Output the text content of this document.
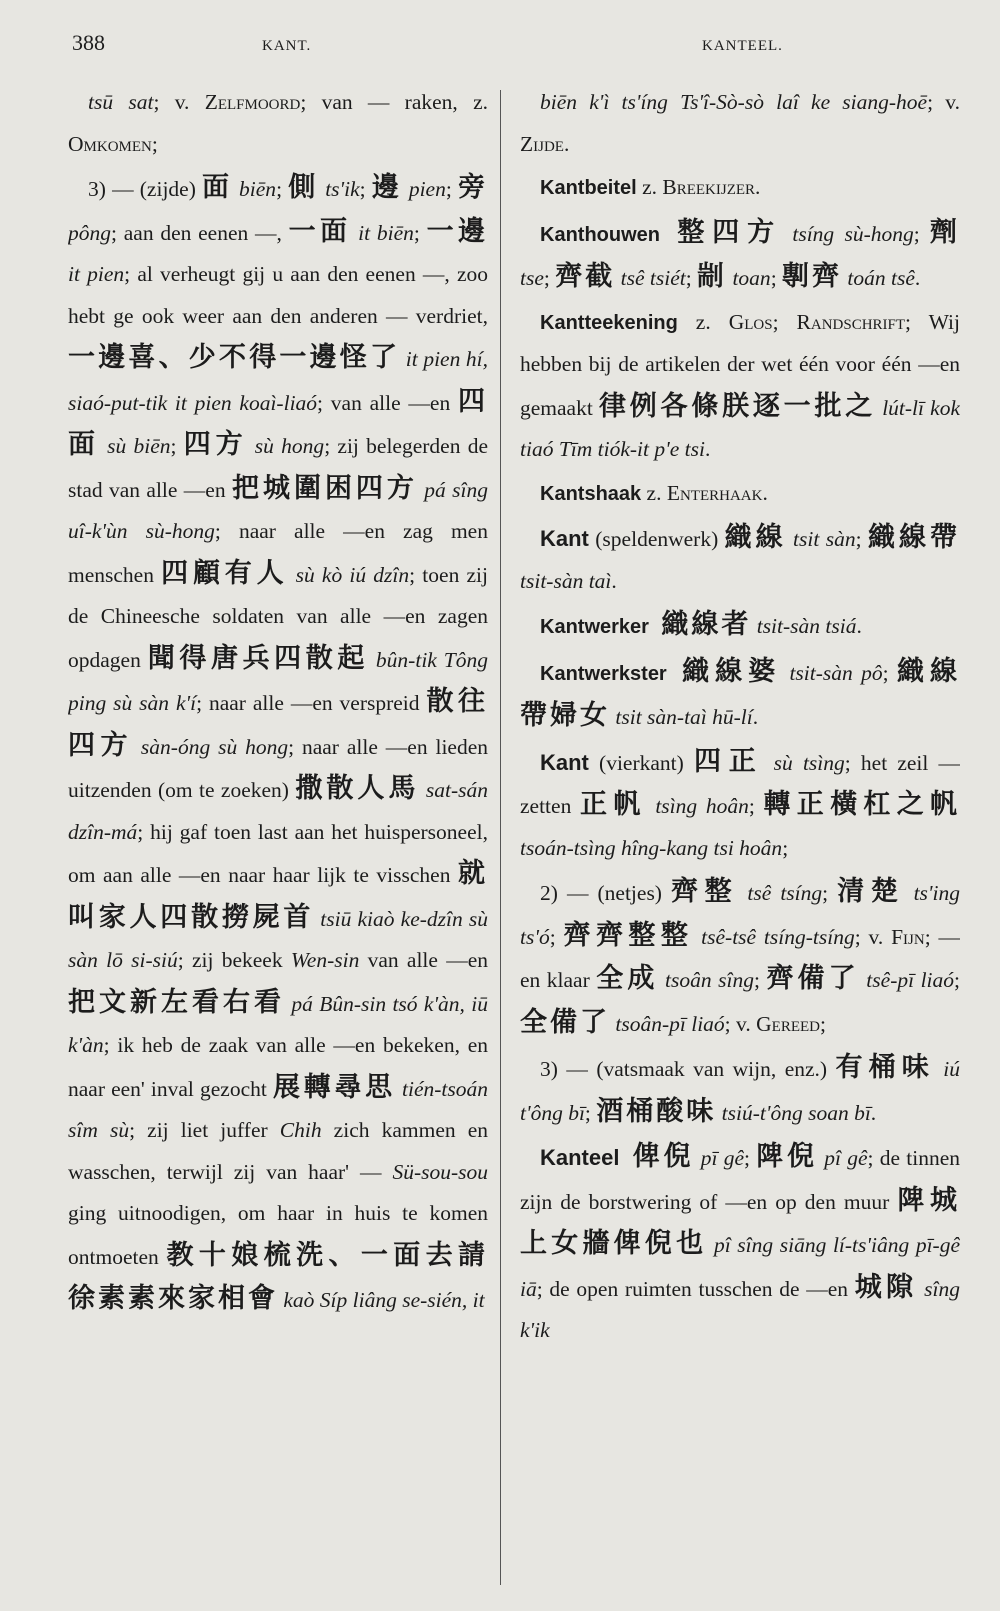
388	KANT.	KANTEEL.

tsū sat; v. Zelfmoord; van — raken, z. Omkomen;

3) — (zijde) 面 biēn; 側 ts'ik; 邊 pien; 旁 pông; aan den eenen —, 一面 it biēn; 一邊 it pien; al verheugt gij u aan den eenen —, zoo hebt ge ook weer aan den anderen — verdriet, 一邊喜、少不得一邊怪了 it pien hí, siaó-put-tik it pien koaì-liaó; van alle —en 四面 sù biēn; 四方 sù hong; zij belegerden de stad van alle —en 把城圍困四方 pá sîng uî-k'ùn sù-hong; naar alle —en zag men menschen 四顧有人 sù kò iú dzîn; toen zij de Chineesche soldaten van alle —en zagen opdagen 聞得唐兵四散起 bûn-tik Tông ping sù sàn k'í; naar alle —en verspreid 散往四方 sàn-óng sù hong; naar alle —en lieden uitzenden (om te zoeken) 撒散人馬 sat-sán dzîn-má; hij gaf toen last aan het huispersoneel, om aan alle —en naar haar lijk te visschen 就叫家人四散撈屍首 tsiū kiaò ke-dzîn sù sàn lō si-siú; zij bekeek Wen-sin van alle —en 把文新左看右看 pá Bûn-sin tsó k'àn, iū k'àn; ik heb de zaak van alle —en bekeken, en naar een' inval gezocht 展轉尋思 tién-tsoán sîm sù; zij liet juffer Chih zich kammen en wasschen, terwijl zij van haar' — Sü-sou-sou ging uitnoodigen, om haar in huis te komen ontmoeten 教十娘梳洗、一面去請徐素素來家相會 kaò Síp liâng se-sién, it

biēn k'ì ts'íng Ts'î-Sò-sò laî ke siang-hoē; v. Zijde.

Kantbeitel z. Breekijzer.

Kanthouwen 整四方 tsíng sù-hong; 劑 tse; 齊截 tsê tsiét; 剬 toan; 剸齊 toán tsê.

Kantteekening z. Glos; Randschrift; Wij hebben bij de artikelen der wet één voor één —en gemaakt 律例各條朕逐一批之 lút-lī kok tiaó Tīm tiók-it p'e tsi.

Kantshaak z. Enterhaak.

Kant (speldenwerk) 織線 tsit sàn; 織線帶 tsit-sàn taì.

Kantwerker 織線者 tsit-sàn tsiá.

Kantwerkster 織線婆 tsit-sàn pô; 織線帶婦女 tsit sàn-taì hū-lí.

Kant (vierkant) 四正 sù tsìng; het zeil — zetten 正帆 tsìng hoân; 轉正橫杠之帆 tsoán-tsìng hîng-kang tsi hoân;

2) — (netjes) 齊整 tsê tsíng; 清楚 ts'ing ts'ó; 齊齊整整 tsê-tsê tsíng-tsíng; v. Fijn; — en klaar 全成 tsoân sîng; 齊備了 tsê-pī liaó; 全備了 tsoân-pī liaó; v. Gereed;

3) — (vatsmaak van wijn, enz.) 有桶味 iú t'ông bī; 酒桶酸味 tsiú-t'ông soan bī.

Kanteel 俾倪 pī gê; 陴倪 pî gê; de tinnen zijn de borstwering of —en op den muur 陴城上女牆俾倪也 pî sîng siāng lí-ts'iâng pī-gê iā; de open ruimten tusschen de —en 城隙 sîng k'ik
